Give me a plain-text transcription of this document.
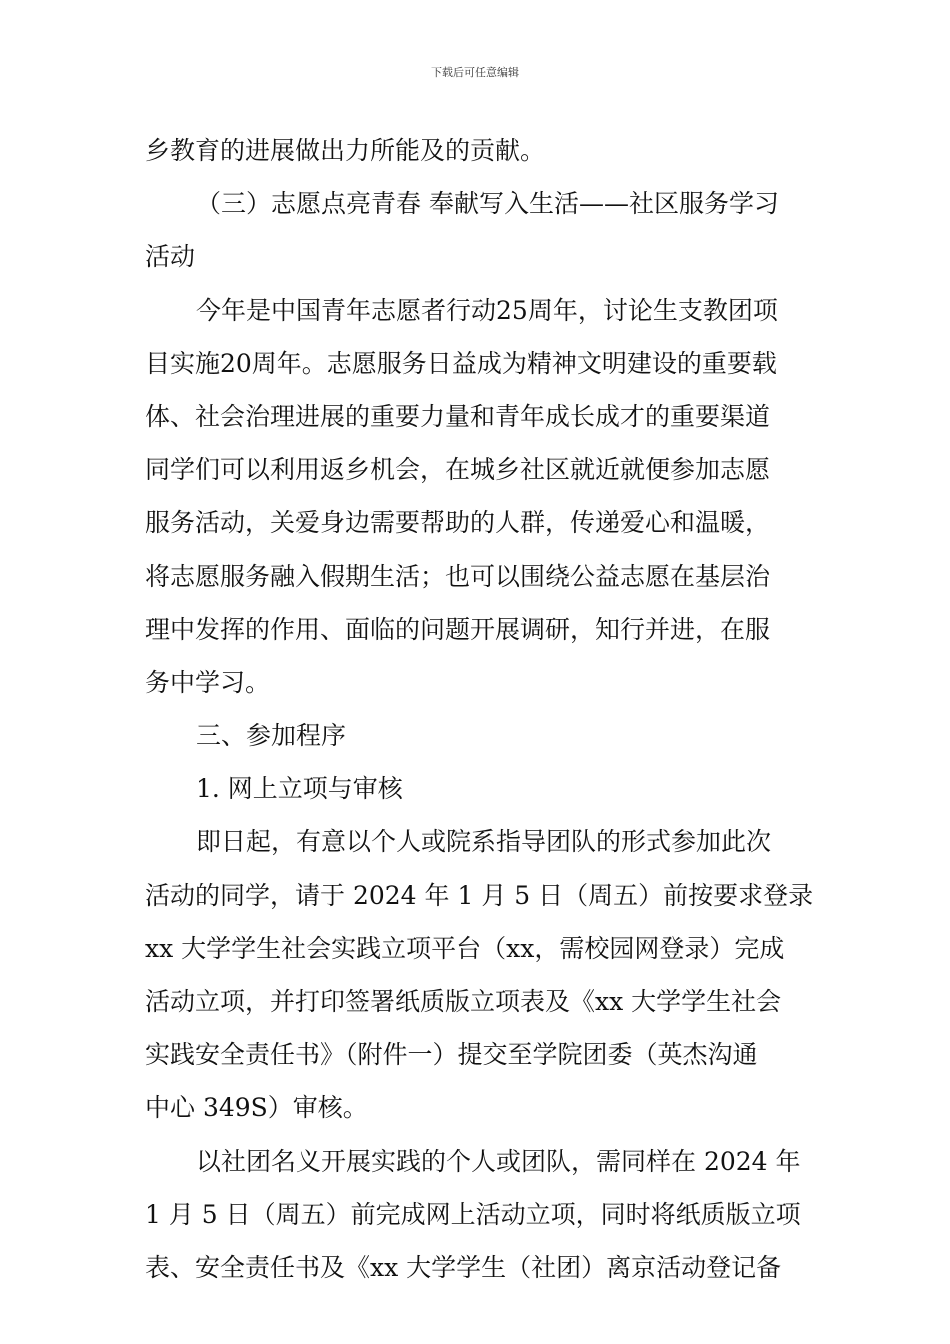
下载后可任意编辑
乡教育的进展做出力所能及的贡献。
（三）志愿点亮青春 奉献写入生活——社区服务学习
活动
今年是中国青年志愿者行动25周年，讨论生支教团项
目实施20周年。志愿服务日益成为精神文明建设的重要载
体、社会治理进展的重要力量和青年成长成才的重要渠道
同学们可以利用返乡机会，在城乡社区就近就便参加志愿
服务活动，关爱身边需要帮助的人群，传递爱心和温暖，
将志愿服务融入假期生活；也可以围绕公益志愿在基层治
理中发挥的作用、面临的问题开展调研，知行并进，在服
务中学习。
三、参加程序
1. 网上立项与审核
即日起，有意以个人或院系指导团队的形式参加此次
活动的同学，请于 2024 年 1 月 5 日（周五）前按要求登录
xx 大学学生社会实践立项平台（xx，需校园网登录）完成
活动立项，并打印签署纸质版立项表及《xx 大学学生社会
实践安全责任书》（附件一）提交至学院团委（英杰沟通
中心 349S）审核。
以社团名义开展实践的个人或团队，需同样在 2024 年
1 月 5 日（周五）前完成网上活动立项，同时将纸质版立项
表、安全责任书及《xx 大学学生（社团）离京活动登记备
